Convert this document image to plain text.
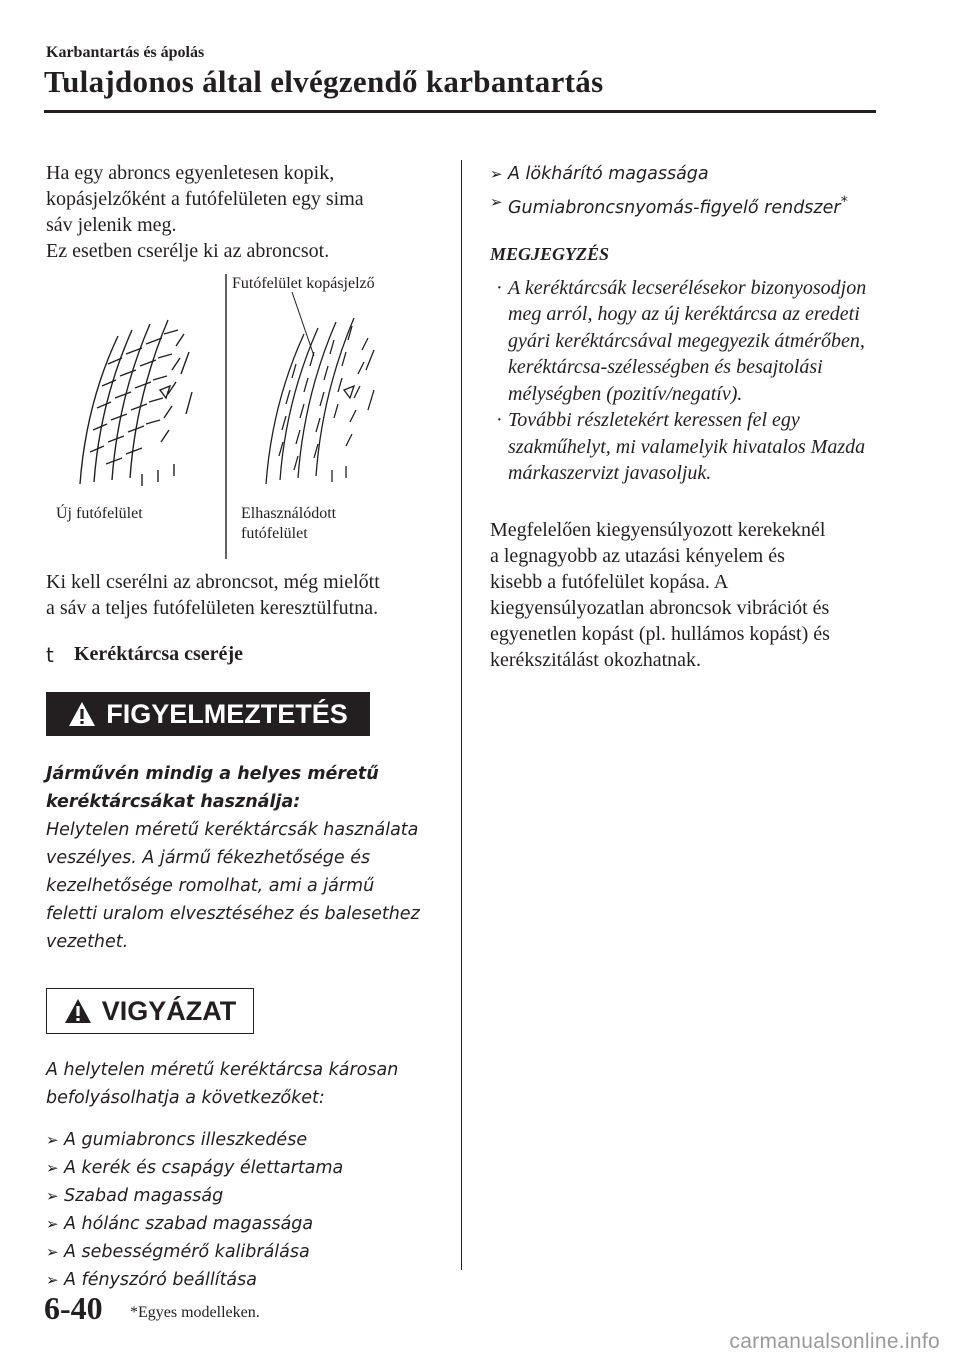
Karbantartás és ápolás
Tulajdonos által elvégzendő karbantartás

Ha egy abroncs egyenletesen kopik,
kopásjelzőként a futófelületen egy sima
sáv jelenik meg.
Ez esetben cserélje ki az abroncsot.

Futófelület kopásjelző
Új futófelület	Elhasználódott
futófelület

Ki kell cserélni az abroncsot, még mielőtt
a sáv a teljes futófelületen keresztülfutna.

t Keréktárcsa cseréje
FIGYELMEZTETÉS
Járművén mindig a helyes méretű
keréktárcsákat használja:
Helytelen méretű keréktárcsák használata
veszélyes. A jármű fékezhetősége és
kezelhetősége romolhat, ami a jármű
feletti uralom elvesztéséhez és balesethez
vezethet.
VIGYÁZAT
A helytelen méretű keréktárcsa károsan
befolyásolhatja a következőket:
➢ A gumiabroncs illeszkedése
➢ A kerék és csapágy élettartama
➢ Szabad magasság
➢ A hólánc szabad magassága
➢ A sebességmérő kalibrálása
➢ A fényszóró beállítása
➢ A lökhárító magassága
➢ Gumiabroncsnyomás-figyelő rendszer*
MEGJEGYZÉS
· A keréktárcsák lecserélésekor bizonyosodjon meg arról, hogy az új keréktárcsa az eredeti gyári keréktárcsával megegyezik átmérőben, keréktárcsa-szélességben és besajtolási mélységben (pozitív/negatív).
· További részletekért keressen fel egy szakműhelyt, mi valamelyik hivatalos Mazda márkaszervizt javasoljuk.

Megfelelően kiegyensúlyozott kerekeknél
a legnagyobb az utazási kényelem és
kisebb a futófelület kopása. A
kiegyensúlyozatlan abroncsok vibrációt és
egyenetlen kopást (pl. hullámos kopást) és
kerékszitálást okozhatnak.

6-40 *Egyes modelleken.
carmanualsonline.info
